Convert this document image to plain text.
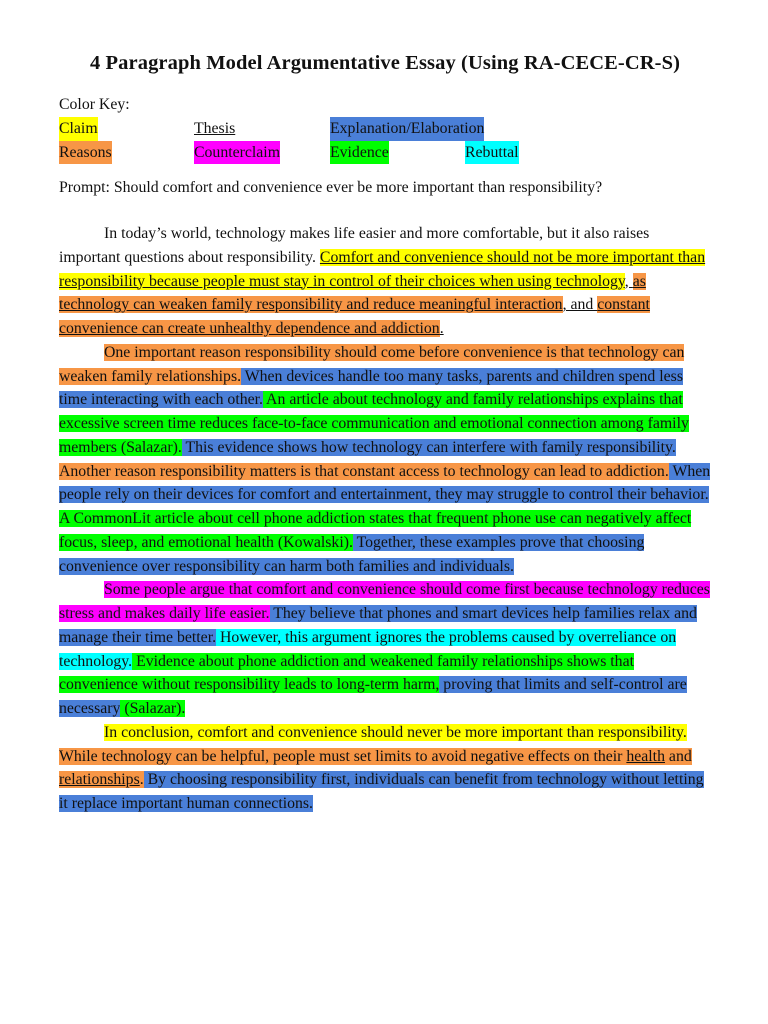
4 Paragraph Model Argumentative Essay (Using RA-CECE-CR-S)
Color Key:
Claim	Thesis	Explanation/Elaboration
Reasons	Counterclaim	Evidence	Rebuttal
Prompt: Should comfort and convenience ever be more important than responsibility?

In today’s world, technology makes life easier and more comfortable, but it also raises important questions about responsibility. Comfort and convenience should not be more important than responsibility because people must stay in control of their choices when using technology, as technology can weaken family responsibility and reduce meaningful interaction, and constant convenience can create unhealthy dependence and addiction.

One important reason responsibility should come before convenience is that technology can weaken family relationships. When devices handle too many tasks, parents and children spend less time interacting with each other. An article about technology and family relationships explains that excessive screen time reduces face-to-face communication and emotional connection among family members (Salazar). This evidence shows how technology can interfere with family responsibility. Another reason responsibility matters is that constant access to technology can lead to addiction. When people rely on their devices for comfort and entertainment, they may struggle to control their behavior. A CommonLit article about cell phone addiction states that frequent phone use can negatively affect focus, sleep, and emotional health (Kowalski). Together, these examples prove that choosing convenience over responsibility can harm both families and individuals.

Some people argue that comfort and convenience should come first because technology reduces stress and makes daily life easier. They believe that phones and smart devices help families relax and manage their time better. However, this argument ignores the problems caused by overreliance on technology. Evidence about phone addiction and weakened family relationships shows that convenience without responsibility leads to long-term harm, proving that limits and self-control are necessary (Salazar).

In conclusion, comfort and convenience should never be more important than responsibility. While technology can be helpful, people must set limits to avoid negative effects on their health and relationships. By choosing responsibility first, individuals can benefit from technology without letting it replace important human connections.
